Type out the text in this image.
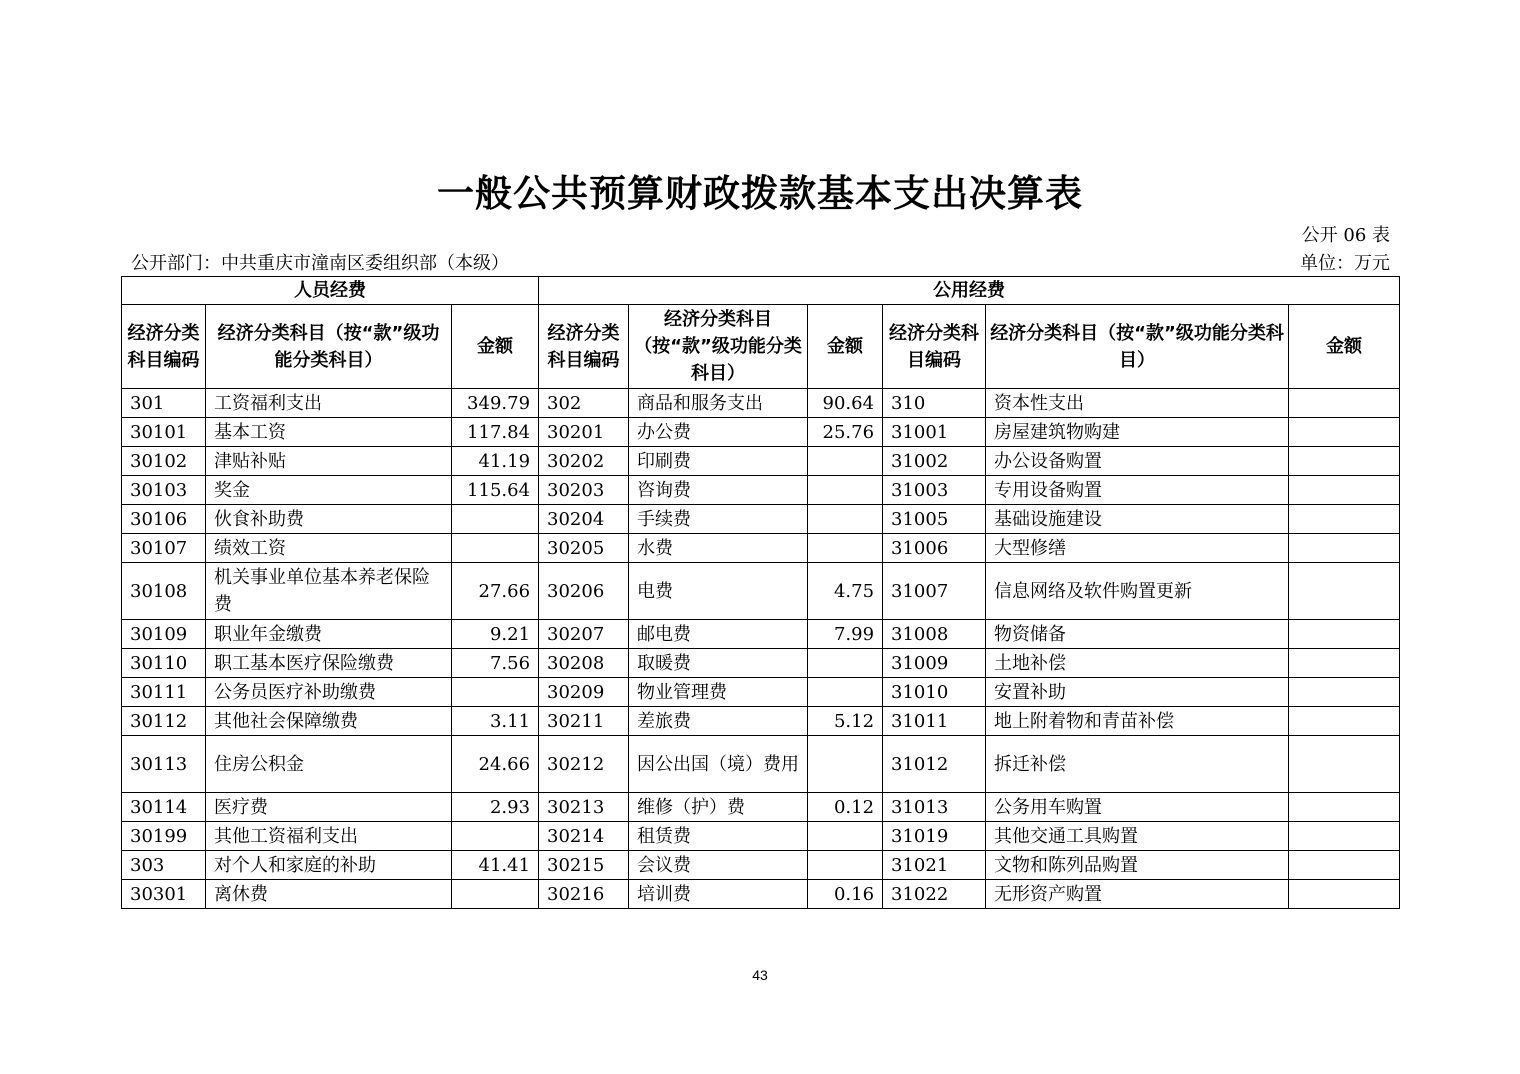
一般公共预算财政拨款基本支出决算表
公开 06 表
公开部门：中共重庆市潼南区委组织部（本级）	单位：万元
人员经费			公用经费					
经济分类科目编码	经济分类科目（按“款”级功能分类科目）	金额	经济分类科目编码	经济分类科目（按“款”级功能分类科目）	金额	经济分类科目编码	经济分类科目（按“款”级功能分类科目）	金额
301	工资福利支出	349.79	302	商品和服务支出	90.64	310	资本性支出	
30101	基本工资	117.84	30201	办公费	25.76	31001	房屋建筑物购建	
30102	津贴补贴	41.19	30202	印刷费		31002	办公设备购置	
30103	奖金	115.64	30203	咨询费		31003	专用设备购置	
30106	伙食补助费		30204	手续费		31005	基础设施建设	
30107	绩效工资		30205	水费		31006	大型修缮	
30108	机关事业单位基本养老保险费	27.66	30206	电费	4.75	31007	信息网络及软件购置更新	
30109	职业年金缴费	9.21	30207	邮电费	7.99	31008	物资储备	
30110	职工基本医疗保险缴费	7.56	30208	取暖费		31009	土地补偿	
30111	公务员医疗补助缴费		30209	物业管理费		31010	安置补助	
30112	其他社会保障缴费	3.11	30211	差旅费	5.12	31011	地上附着物和青苗补偿	
30113	住房公积金	24.66	30212	因公出国（境）费用		31012	拆迁补偿	
30114	医疗费	2.93	30213	维修（护）费	0.12	31013	公务用车购置	
30199	其他工资福利支出		30214	租赁费		31019	其他交通工具购置	
303	对个人和家庭的补助	41.41	30215	会议费		31021	文物和陈列品购置	
30301	离休费		30216	培训费	0.16	31022	无形资产购置	
43
